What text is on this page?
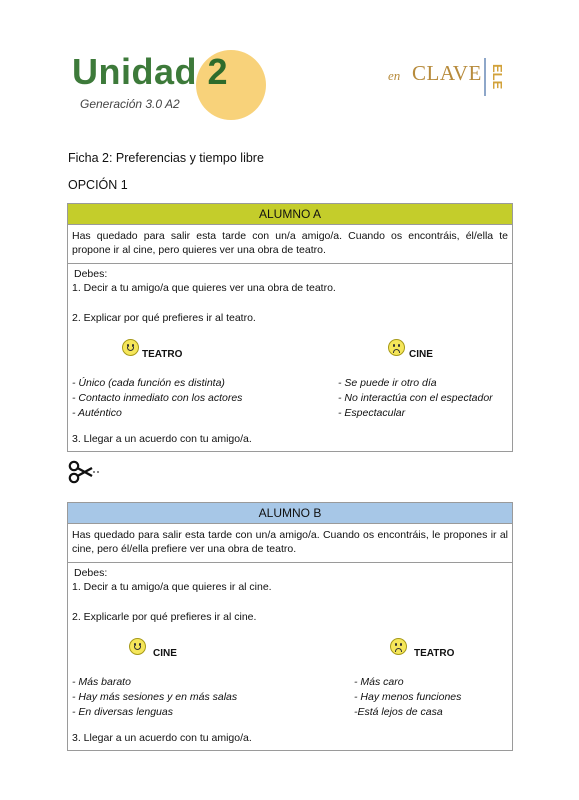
Unidad 2
Generación 3.0 A2
en CLAVE ELE
Ficha 2: Preferencias y tiempo libre
OPCIÓN 1
ALUMNO A
Has quedado para salir esta tarde con un/a amigo/a. Cuando os encontráis, él/ella te propone ir al cine, pero quieres ver una obra de teatro.
Debes:
1. Decir a tu amigo/a que quieres ver una obra de teatro.
2. Explicar por qué prefieres ir al teatro.
TEATRO	CINE
- Único (cada función es distinta)
- Contacto inmediato con los actores
- Auténtico
- Se puede ir otro día
- No interactúa con el espectador
- Espectacular
3. Llegar a un acuerdo con tu amigo/a.
ALUMNO B
Has quedado para salir esta tarde con un/a amigo/a. Cuando os encontráis, le propones ir al cine, pero él/ella prefiere ver una obra de teatro.
Debes:
1. Decir a tu amigo/a que quieres ir al cine.
2. Explicarle por qué prefieres ir al cine.
CINE	TEATRO
- Más barato
- Hay más sesiones y en más salas
- En diversas lenguas
- Más caro
- Hay menos funciones
-Está lejos de casa
3. Llegar a un acuerdo con tu amigo/a.
